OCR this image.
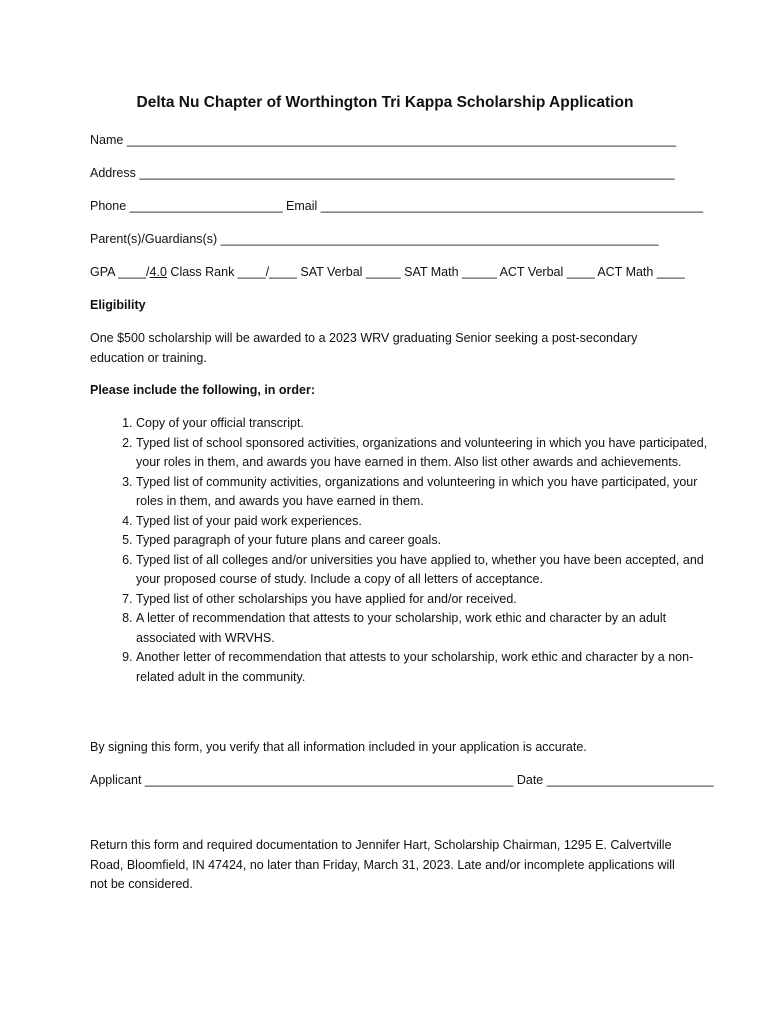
Delta Nu Chapter of Worthington Tri Kappa Scholarship Application
Name _______________________________________________________________________________
Address _____________________________________________________________________________
Phone ______________________ Email _______________________________________________________
Parent(s)/Guardians(s) _______________________________________________________________
GPA ____/4.0 Class Rank ____/____ SAT Verbal _____ SAT Math _____ ACT Verbal ____ ACT Math ____
Eligibility
One $500 scholarship will be awarded to a 2023 WRV graduating Senior seeking a post-secondary education or training.
Please include the following, in order:
1. Copy of your official transcript.
2. Typed list of school sponsored activities, organizations and volunteering in which you have participated, your roles in them, and awards you have earned in them. Also list other awards and achievements.
3. Typed list of community activities, organizations and volunteering in which you have participated, your roles in them, and awards you have earned in them.
4. Typed list of your paid work experiences.
5. Typed paragraph of your future plans and career goals.
6. Typed list of all colleges and/or universities you have applied to, whether you have been accepted, and your proposed course of study. Include a copy of all letters of acceptance.
7. Typed list of other scholarships you have applied for and/or received.
8. A letter of recommendation that attests to your scholarship, work ethic and character by an adult associated with WRVHS.
9. Another letter of recommendation that attests to your scholarship, work ethic and character by a non-related adult in the community.
By signing this form, you verify that all information included in your application is accurate.
Applicant _____________________________________________________ Date ________________________
Return this form and required documentation to Jennifer Hart, Scholarship Chairman, 1295 E. Calvertville Road, Bloomfield, IN 47424, no later than Friday, March 31, 2023. Late and/or incomplete applications will not be considered.
